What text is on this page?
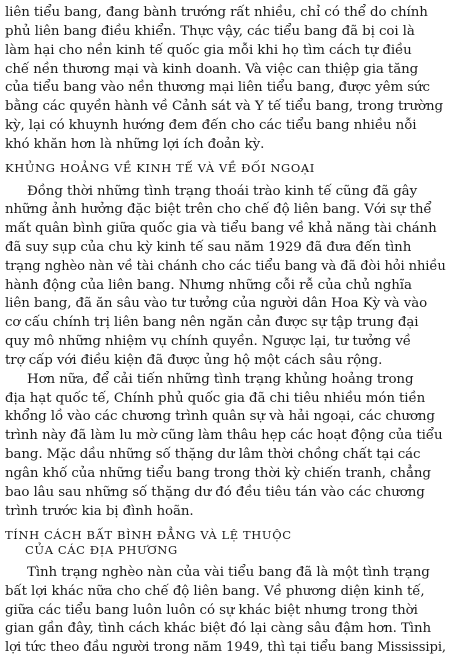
liên tiểu bang, đang bành trướng rất nhiều, chỉ có thể do chính
phủ liên bang điều khiển. Thực vậy, các tiểu bang đã bị coi là
làm hại cho nền kinh tế quốc gia mỗi khi họ tìm cách tự điều
chế nền thương mại và kinh doanh. Và việc can thiệp gia tăng
của tiểu bang vào nền thương mại liên tiểu bang, được yêm sức
bằng các quyền hành về Cảnh sát và Y tế tiểu bang, trong trường
kỳ, lại có khuynh hướng đem đến cho các tiểu bang nhiều nỗi
khó khăn hơn là những lợi ích đoản kỳ.
KHỦNG HOẢNG VỀ KINH TẾ VÀ VỀ ĐỐI NGOẠI
Đồng thời những tình trạng thoái trào kinh tế cũng đã gây
những ảnh hưởng đặc biệt trên cho chế độ liên bang. Với sự thể
mất quân bình giữa quốc gia và tiểu bang về khả năng tài chánh
đã suy sụp của chu kỳ kinh tế sau năm 1929 đã đưa đến tình
trạng nghèo nàn về tài chánh cho các tiểu bang và đã đòi hỏi nhiều
hành động của liên bang. Nhưng những cỗi rễ của chủ nghĩa
liên bang, đã ăn sâu vào tư tưởng của người dân Hoa Kỳ và vào
cơ cấu chính trị liên bang nên ngăn cản được sự tập trung đại
quy mô những nhiệm vụ chính quyền. Ngược lại, tư tưởng về
trợ cấp với điều kiện đã được ủng hộ một cách sâu rộng.
Hơn nữa, để cải tiến những tình trạng khủng hoảng trong
địa hạt quốc tế, Chính phủ quốc gia đã chi tiêu nhiều món tiền
khổng lồ vào các chương trình quân sự và hải ngoại, các chương
trình này đã làm lu mờ cũng làm thâu hẹp các hoạt động của tiểu
bang. Mặc dầu những số thặng dư lâm thời chồng chất tại các
ngân khố của những tiểu bang trong thời kỳ chiến tranh, chẳng
bao lâu sau những số thặng dư đó đều tiêu tán vào các chương
trình trước kia bị đình hoãn.
TÍNH CÁCH BẤT BÌNH ĐẲNG VÀ LỆ THUỘC
CỦA CÁC ĐỊA PHƯƠNG
Tình trạng nghèo nàn của vài tiểu bang đã là một tình trạng
bất lợi khác nữa cho chế độ liên bang. Về phương diện kinh tế,
giữa các tiểu bang luôn luôn có sự khác biệt nhưng trong thời
gian gần đây, tình cách khác biệt đó lại càng sâu đậm hơn. Tình
lợi tức theo đầu người trong năm 1949, thì tại tiểu bang Mississipi,
